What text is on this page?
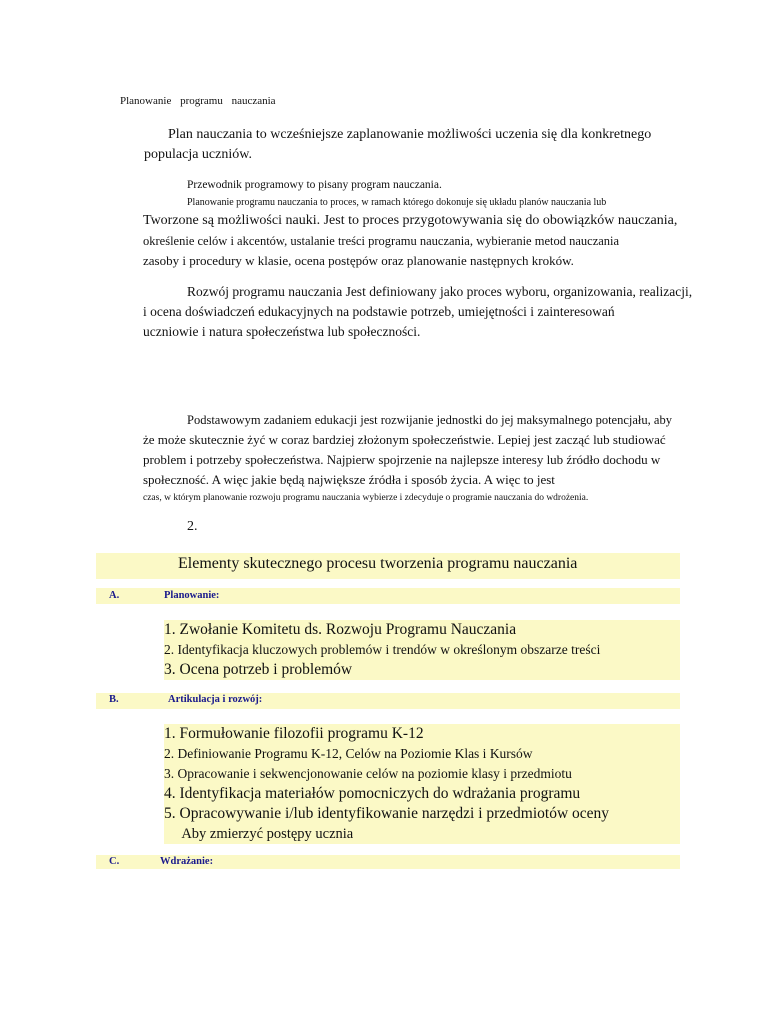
Planowanie programu nauczania
Plan nauczania to wcześniejsze zaplanowanie możliwości uczenia się dla konkretnego
populacja uczniów.
Przewodnik programowy to pisany program nauczania.
Planowanie programu nauczania to proces, w ramach którego dokonuje się układu planów nauczania lub
Tworzone są możliwości nauki. Jest to proces przygotowywania się do obowiązków nauczania,
określenie celów i akcentów, ustalanie treści programu nauczania, wybieranie metod nauczania
zasoby i procedury w klasie, ocena postępów oraz planowanie następnych kroków.
Rozwój programu nauczania Jest definiowany jako proces wyboru, organizowania, realizacji,
i ocena doświadczeń edukacyjnych na podstawie potrzeb, umiejętności i zainteresowań
uczniowie i natura społeczeństwa lub społeczności.
Podstawowym zadaniem edukacji jest rozwijanie jednostki do jej maksymalnego potencjału, aby
że może skutecznie żyć w coraz bardziej złożonym społeczeństwie. Lepiej jest zacząć lub studiować
problem i potrzeby społeczeństwa. Najpierw spojrzenie na najlepsze interesy lub źródło dochodu w
społeczność. A więc jakie będą największe źródła i sposób życia. A więc to jest
czas, w którym planowanie rozwoju programu nauczania wybierze i zdecyduje o programie nauczania do wdrożenia.
2.
Elementy skutecznego procesu tworzenia programu nauczania
A.	Planowanie:
1. Zwołanie Komitetu ds. Rozwoju Programu Nauczania
2. Identyfikacja kluczowych problemów i trendów w określonym obszarze treści
3. Ocena potrzeb i problemów
B.	Artikulacja i rozwój:
1. Formułowanie filozofii programu K-12
2. Definiowanie Programu K-12, Celów na Poziomie Klas i Kursów
3. Opracowanie i sekwencjonowanie celów na poziomie klasy i przedmiotu
4. Identyfikacja materiałów pomocniczych do wdrażania programu
5. Opracowywanie i/lub identyfikowanie narzędzi i przedmiotów oceny
Aby zmierzyć postępy ucznia
C.	Wdrażanie:
